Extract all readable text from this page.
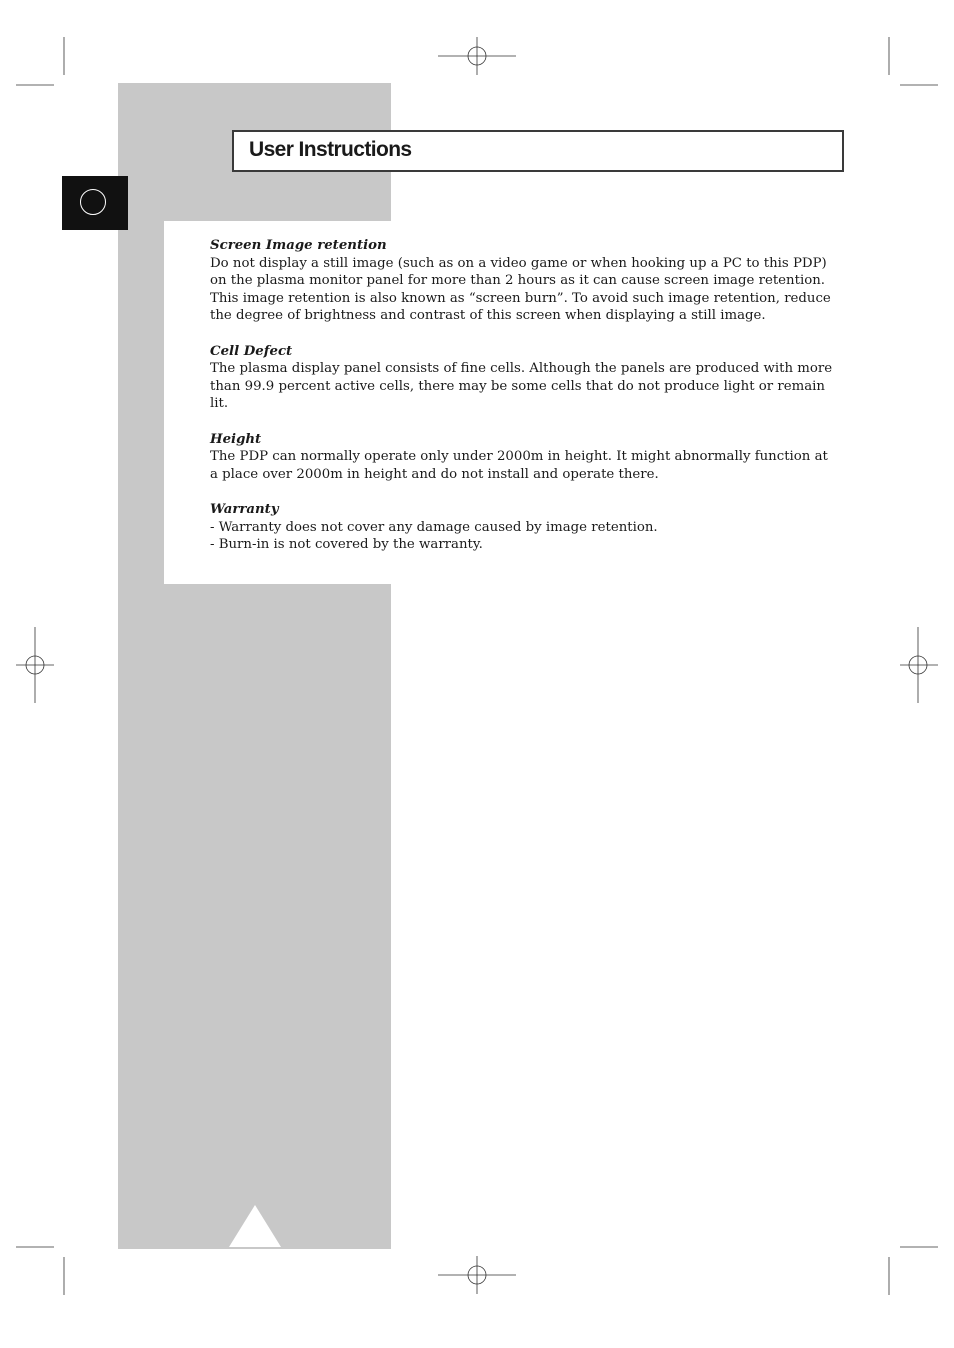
User Instructions
Screen Image retention

Do not display a still image (such as on a video game or when hooking up a PC to this PDP) on the plasma monitor panel for more than 2 hours as it can cause screen image retention. This image retention is also known as “screen burn”. To avoid such image retention, reduce the degree of brightness and contrast of this screen when displaying a still image.

Cell Defect

The plasma display panel consists of fine cells. Although the panels are produced with more than 99.9 percent active cells, there may be some cells that do not produce light or remain lit.

Height

The PDP can normally operate only under 2000m in height. It might abnormally function at a place over 2000m in height and do not install and operate there.

Warranty

- Warranty does not cover any damage caused by image retention.

- Burn-in is not covered by the warranty.
